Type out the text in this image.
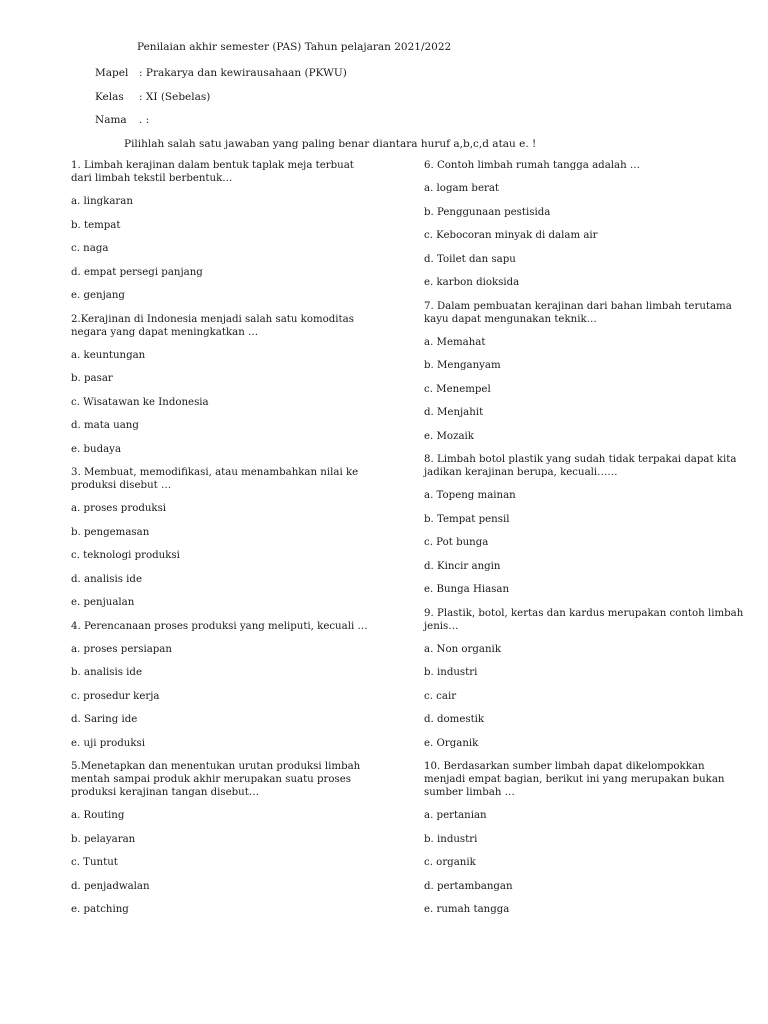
Penilaian akhir semester (PAS) Tahun pelajaran 2021/2022
Mapel : Prakarya dan kewirausahaan (PKWU)
Kelas : XI (Sebelas)
Nama . :
Pilihlah salah satu jawaban yang paling benar diantara huruf a,b,c,d atau e. !

1. Limbah kerajinan dalam bentuk taplak meja terbuat dari limbah tekstil berbentuk…

a. lingkaran

b. tempat

c. naga

d. empat persegi panjang

e. genjang

2.Kerajinan di Indonesia menjadi salah satu komoditas negara yang dapat meningkatkan …

a. keuntungan

b. pasar

c. Wisatawan ke Indonesia

d. mata uang

e. budaya

3. Membuat, memodifikasi, atau menambahkan nilai ke produksi disebut …

a. proses produksi

b. pengemasan

c. teknologi produksi

d. analisis ide

e. penjualan

4. Perencanaan proses produksi yang meliputi, kecuali …

a. proses persiapan

b. analisis ide

c. prosedur kerja

d. Saring ide

e. uji produksi

5.Menetapkan dan menentukan urutan produksi limbah mentah sampai produk akhir merupakan suatu proses produksi kerajinan tangan disebut…

a. Routing

b. pelayaran

c. Tuntut

d. penjadwalan

e. patching

6. Contoh limbah rumah tangga adalah …

a. logam berat

b. Penggunaan pestisida

c. Kebocoran minyak di dalam air

d. Toilet dan sapu

e. karbon dioksida

7. Dalam pembuatan kerajinan dari bahan limbah terutama kayu dapat mengunakan teknik…

a. Memahat

b. Menganyam

c. Menempel

d. Menjahit

e. Mozaik

8. Limbah botol plastik yang sudah tidak terpakai dapat kita jadikan kerajinan berupa, kecuali……

a. Topeng mainan

b. Tempat pensil

c. Pot bunga

d. Kincir angin

e. Bunga Hiasan

9. Plastik, botol, kertas dan kardus merupakan contoh limbah jenis…

a. Non organik

b. industri

c. cair

d. domestik

e. Organik

10. Berdasarkan sumber limbah dapat dikelompokkan menjadi empat bagian, berikut ini yang merupakan bukan sumber limbah …

a. pertanian

b. industri

c. organik

d. pertambangan

e. rumah tangga
